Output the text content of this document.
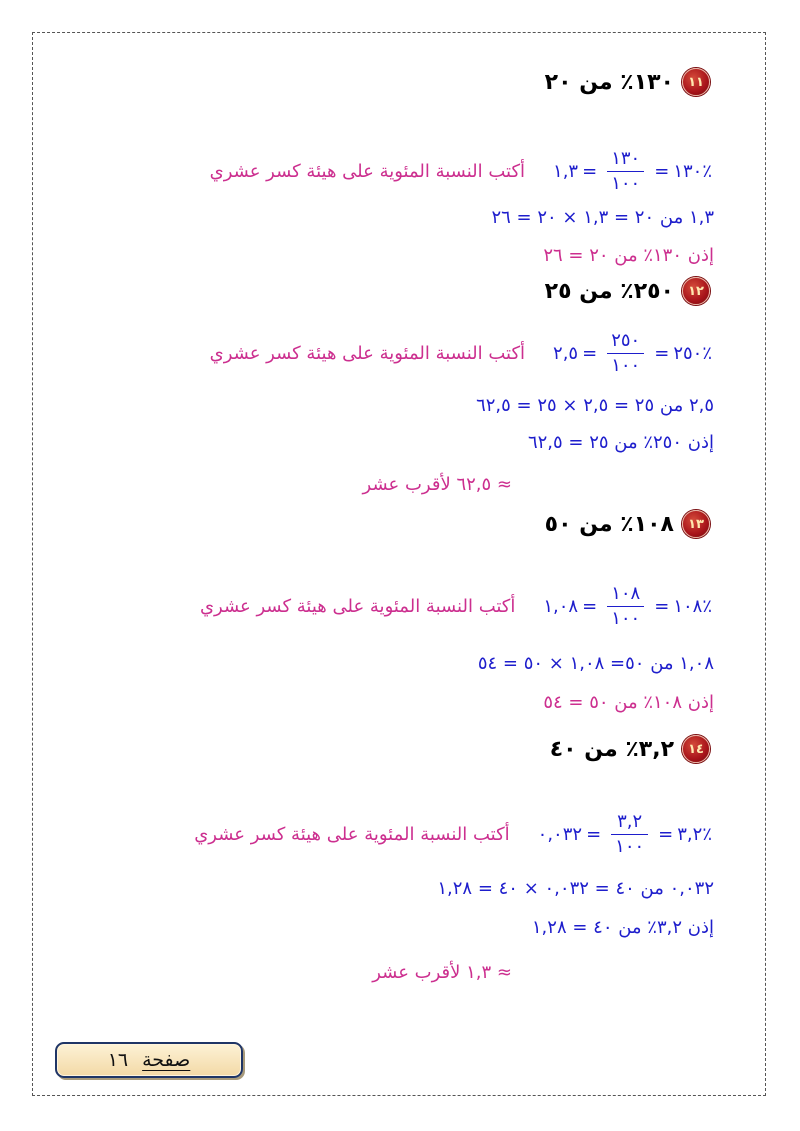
١١
١٣٠٪ من ٢٠
٪١٣٠
=
$\frac{١٣٠}{١٠٠}$
=
١,٣
أكتب النسبة المئوية على هيئة كسر عشري
١,٣ من ٢٠ = ١,٣ × ٢٠ = ٢٦
إذن ١٣٠٪ من ٢٠ = ٢٦
١٢
٢٥٠٪ من ٢٥
٪٢٥٠
=
$\frac{٢٥٠}{١٠٠}$
=
٢,٥
أكتب النسبة المئوية على هيئة كسر عشري
٢,٥ من ٢٥ = ٢,٥ × ٢٥ = ٦٢,٥
إذن ٢٥٠٪ من ٢٥ = ٦٢,٥
≈ ٦٢,٥ لأقرب عشر
١٣
١٠٨٪ من ٥٠
٪١٠٨
=
$\frac{١٠٨}{١٠٠}$
=
١,٠٨
أكتب النسبة المئوية على هيئة كسر عشري
١,٠٨ من ٥٠= ١,٠٨ × ٥٠ = ٥٤
إذن ١٠٨٪ من ٥٠ = ٥٤
١٤
٣,٢٪ من ٤٠
٪٣,٢
=
$\frac{٣,٢}{١٠٠}$
=
٠,٠٣٢
أكتب النسبة المئوية على هيئة كسر عشري
٠,٠٣٢ من ٤٠ = ٠,٠٣٢ × ٤٠ = ١,٢٨
إذن ٣,٢٪ من ٤٠ = ١,٢٨
≈ ١,٣ لأقرب عشر
صفحة
١٦
